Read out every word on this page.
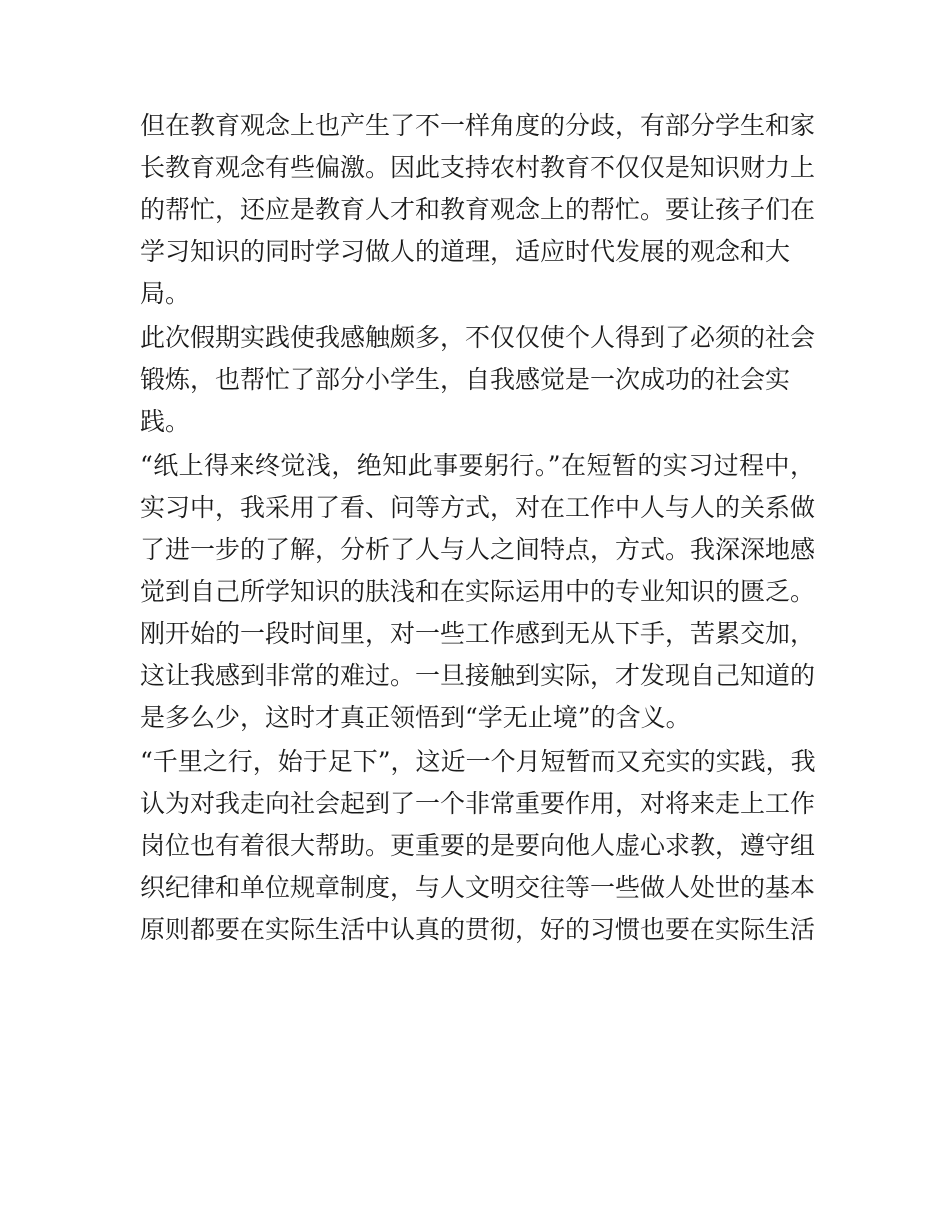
但在教育观念上也产生了不一样角度的分歧，有部分学生和家
长教育观念有些偏激。因此支持农村教育不仅仅是知识财力上
的帮忙，还应是教育人才和教育观念上的帮忙。要让孩子们在
学习知识的同时学习做人的道理，适应时代发展的观念和大
局。
此次假期实践使我感触颇多，不仅仅使个人得到了必须的社会
锻炼，也帮忙了部分小学生，自我感觉是一次成功的社会实
践。
“纸上得来终觉浅，绝知此事要躬行。”在短暂的实习过程中，
实习中，我采用了看、问等方式，对在工作中人与人的关系做
了进一步的了解，分析了人与人之间特点，方式。我深深地感
觉到自己所学知识的肤浅和在实际运用中的专业知识的匮乏。
刚开始的一段时间里，对一些工作感到无从下手，苦累交加，
这让我感到非常的难过。一旦接触到实际，才发现自己知道的
是多么少，这时才真正领悟到“学无止境”的含义。
“千里之行，始于足下”，这近一个月短暂而又充实的实践，我
认为对我走向社会起到了一个非常重要作用，对将来走上工作
岗位也有着很大帮助。更重要的是要向他人虚心求教，遵守组
织纪律和单位规章制度，与人文明交往等一些做人处世的基本
原则都要在实际生活中认真的贯彻，好的习惯也要在实际生活
